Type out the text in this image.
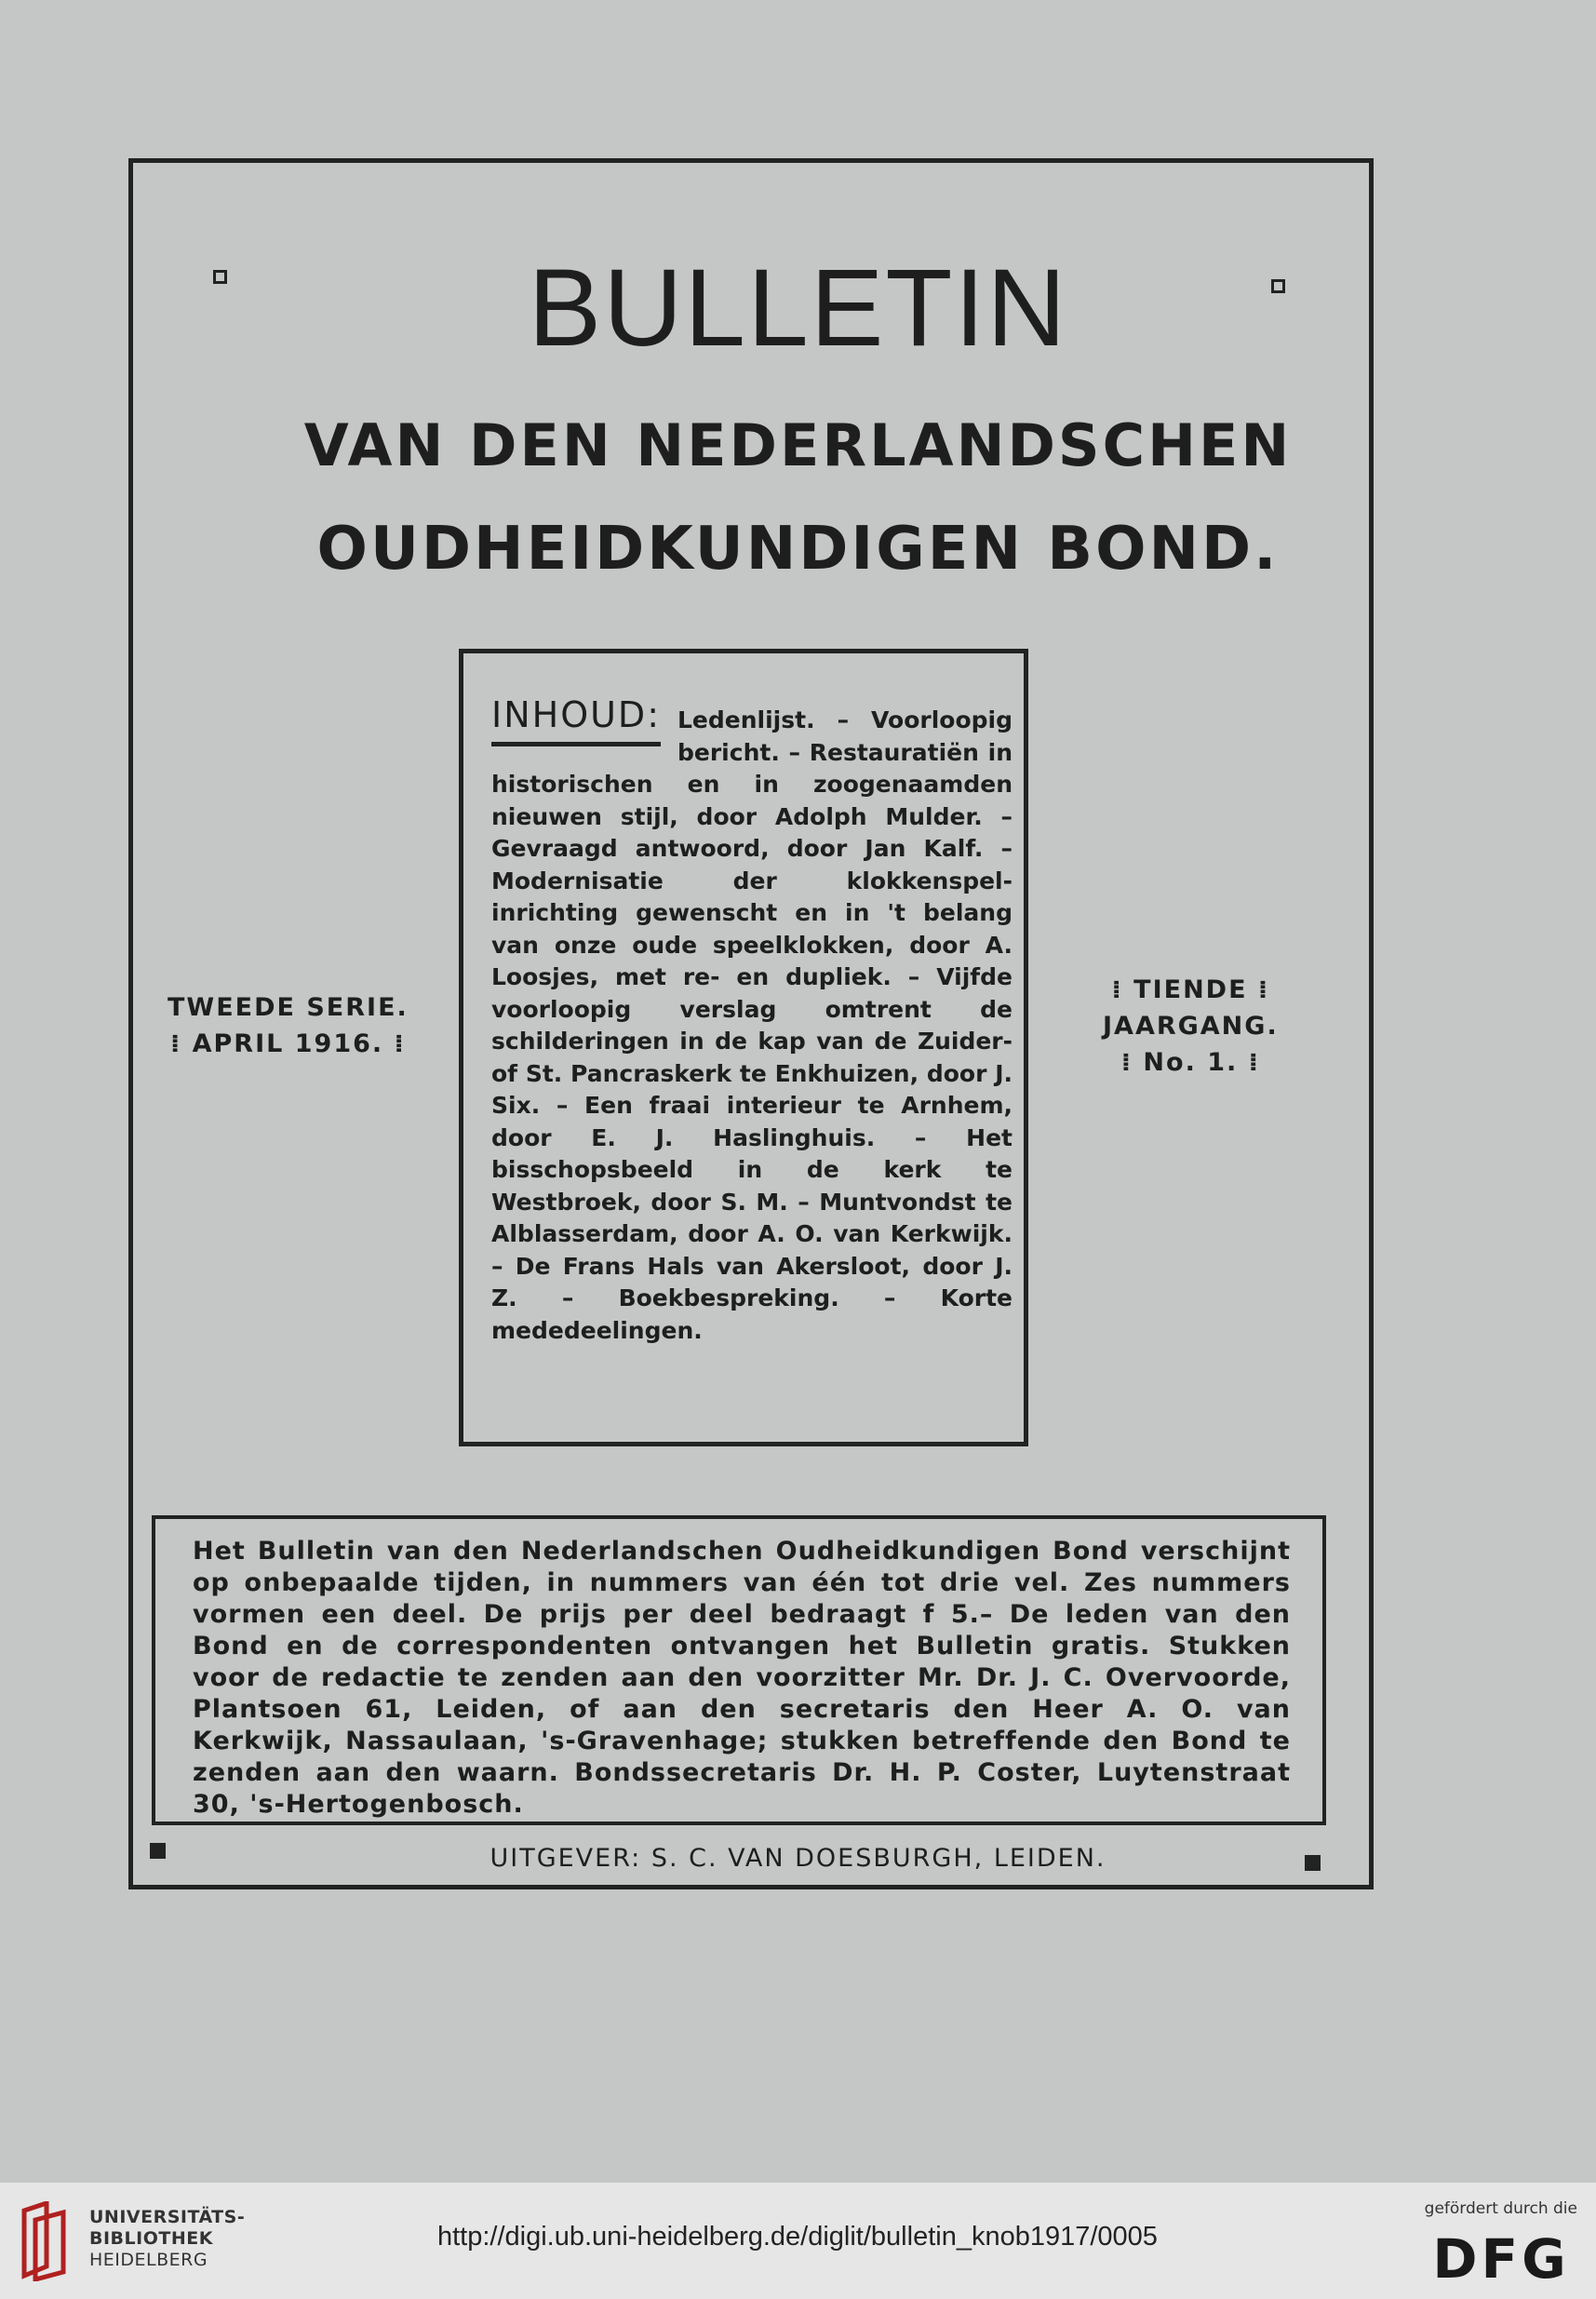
BULLETIN
VAN DEN NEDERLANDSCHEN
OUDHEIDKUNDIGEN BOND.
TWEEDE SERIE.
⁞ APRIL 1916. ⁞
⁞ TIENDE ⁞
JAARGANG.
⁞ No. 1. ⁞
INHOUD: Ledenlijst. – Voorloopig bericht. – Restauratiën in historischen en in zoogenaamden nieuwen stijl, door Adolph Mulder. – Gevraagd antwoord, door Jan Kalf. – Modernisatie der klokkenspel-inrichting gewenscht en in 't belang van onze oude speelklokken, door A. Loosjes, met re- en dupliek. – Vijfde voorloopig verslag omtrent de schilderingen in de kap van de Zuider- of St. Pancraskerk te Enkhuizen, door J. Six. – Een fraai interieur te Arnhem, door E. J. Haslinghuis. – Het bisschopsbeeld in de kerk te Westbroek, door S. M. – Muntvondst te Alblasserdam, door A. O. van Kerkwijk. – De Frans Hals van Akersloot, door J. Z. – Boekbespreking. – Korte mededeelingen.
Het Bulletin van den Nederlandschen Oudheidkundigen Bond verschijnt op onbepaalde tijden, in nummers van één tot drie vel. Zes nummers vormen een deel. De prijs per deel bedraagt f 5.– De leden van den Bond en de correspondenten ontvangen het Bulletin gratis. Stukken voor de redactie te zenden aan den voorzitter Mr. Dr. J. C. Overvoorde, Plantsoen 61, Leiden, of aan den secretaris den Heer A. O. van Kerkwijk, Nassaulaan, 's-Gravenhage; stukken betreffende den Bond te zenden aan den waarn. Bondssecretaris Dr. H. P. Coster, Luytenstraat 30, 's-Hertogenbosch.
UITGEVER: S. C. VAN DOESBURGH, LEIDEN.
UNIVERSITÄTS-
BIBLIOTHEK
HEIDELBERG
http://digi.ub.uni-heidelberg.de/diglit/bulletin_knob1917/0005
gefördert durch die
DFG
